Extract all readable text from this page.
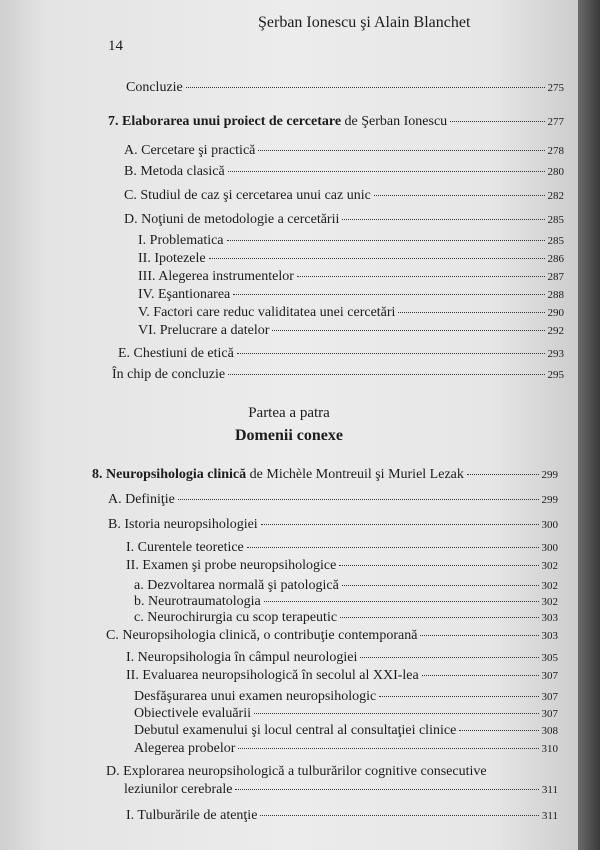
Şerban Ionescu şi Alain Blanchet
14
Concluzie	275
7. Elaborarea unui proiect de cercetare de Şerban Ionescu	277
A. Cercetare şi practică	278
B. Metoda clasică	280
C. Studiul de caz şi cercetarea unui caz unic	282
D. Noţiuni de metodologie a cercetării	285
I. Problematica	285
II. Ipotezele	286
III. Alegerea instrumentelor	287
IV. Eşantionarea	288
V. Factori care reduc validitatea unei cercetări	290
VI. Prelucrare a datelor	292
E. Chestiuni de etică	293
În chip de concluzie	295
Partea a patra
Domenii conexe
8. Neuropsihologia clinică de Michèle Montreuil şi Muriel Lezak	299
A. Definiţie	299
B. Istoria neuropsihologiei	300
I. Curentele teoretice	300
II. Examen şi probe neuropsihologice	302
a. Dezvoltarea normală şi patologică	302
b. Neurotraumatologia	302
c. Neurochirurgia cu scop terapeutic	303
C. Neuropsihologia clinică, o contribuţie contemporană	303
I. Neuropsihologia în câmpul neurologiei	305
II. Evaluarea neuropsihologică în secolul al XXI-lea	307
Desfăşurarea unui examen neuropsihologic	307
Obiectivele evaluării	307
Debutul examenului şi locul central al consultaţiei clinice	308
Alegerea probelor	310
D. Explorarea neuropsihologică a tulburărilor cognitive consecutive
leziunilor cerebrale	311
I. Tulburările de atenţie	311
